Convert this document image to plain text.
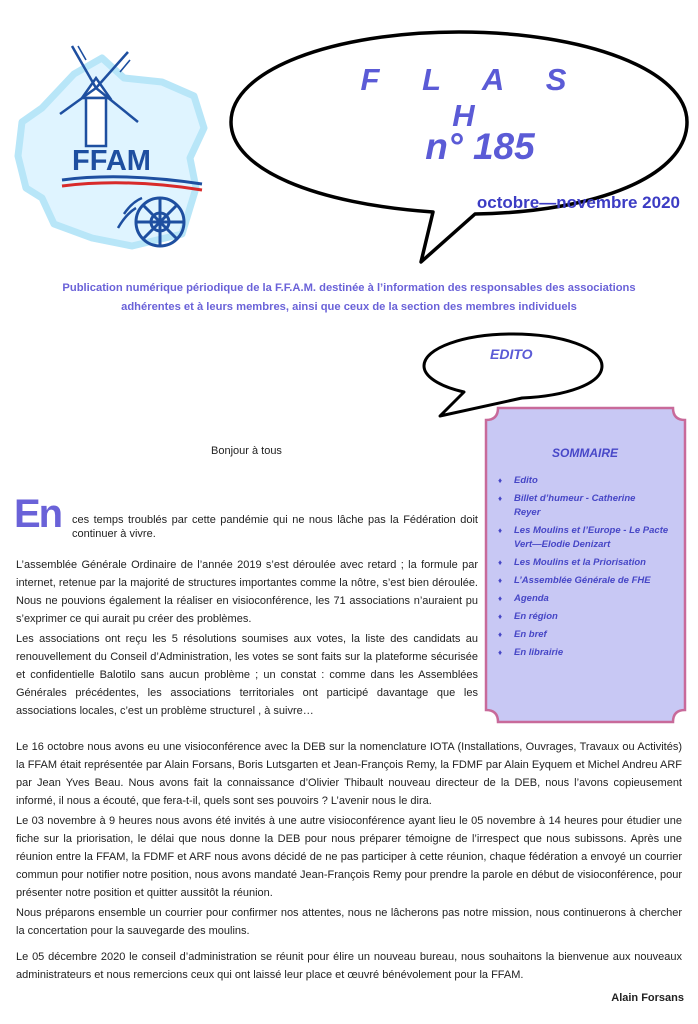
FFAM
F L A S H
n° 185
octobre—novembre 2020
Publication numérique périodique de la F.F.A.M. destinée à l’information des responsables des associations
adhérentes et à leurs membres, ainsi que ceux de la section des membres individuels
EDITO
SOMMAIRE
♦ Edito
♦ Billet d’humeur - Catherine Reyer
♦ Les Moulins et l’Europe - Le Pacte Vert—Elodie Denizart
♦ Les Moulins et la Priorisation
♦ L’Assemblée Générale de FHE
♦ Agenda
♦ En région
♦ En bref
♦ En librairie
Bonjour à tous
En ces temps troublés par cette pandémie qui ne nous lâche pas la Fédération doit continuer à vivre.
L’assemblée Générale Ordinaire de l’année 2019 s’est déroulée avec retard ; la formule par internet, retenue par la majorité de structures importantes comme la nôtre, s’est bien déroulée. Nous ne pouvions également la réaliser en visioconférence, les 71 associations n’auraient pu s’exprimer ce qui aurait pu créer des problèmes.
Les associations ont reçu les 5 résolutions soumises aux votes, la liste des candidats au renouvellement du Conseil d’Administration, les votes se sont faits sur la plateforme sécurisée et confidentielle Balotilo sans aucun problème ; un constat : comme dans les Assemblées Générales précédentes, les associations territoriales ont participé davantage que les associations locales, c’est un problème structurel , à suivre…
Le 16 octobre nous avons eu une visioconférence avec la DEB sur la nomenclature IOTA (Installations, Ouvrages, Travaux ou Activités) la FFAM était représentée par Alain Forsans, Boris Lutsgarten et Jean-François Remy, la FDMF par Alain Eyquem et Michel Andreu ARF par Jean Yves Beau. Nous avons fait la connaissance d’Olivier Thibault nouveau directeur de la DEB, nous l’avons copieusement informé, il nous a écouté, que fera-t-il, quels sont ses pouvoirs ? L’avenir nous le dira.
Le 03 novembre à 9 heures nous avons été invités à une autre visioconférence ayant lieu le 05 novembre à 14 heures pour étudier une fiche sur la priorisation, le délai que nous donne la DEB pour nous préparer témoigne de l’irrespect que nous subissons. Après une réunion entre la FFAM, la FDMF et ARF nous avons décidé de ne pas participer à cette réunion, chaque fédération a envoyé un courrier commun pour notifier notre position, nous avons mandaté Jean-François Remy pour prendre la parole en début de visioconférence, pour présenter notre position et quitter aussitôt la réunion.
Nous préparons ensemble un courrier pour confirmer nos attentes, nous ne lâcherons pas notre mission, nous continuerons à chercher la concertation pour la sauvegarde des moulins.
Le 05 décembre 2020 le conseil d’administration se réunit pour élire un nouveau bureau, nous souhaitons la bienvenue aux nouveaux administrateurs et nous remercions ceux qui ont laissé leur place et œuvré bénévolement pour la FFAM.
Alain Forsans
